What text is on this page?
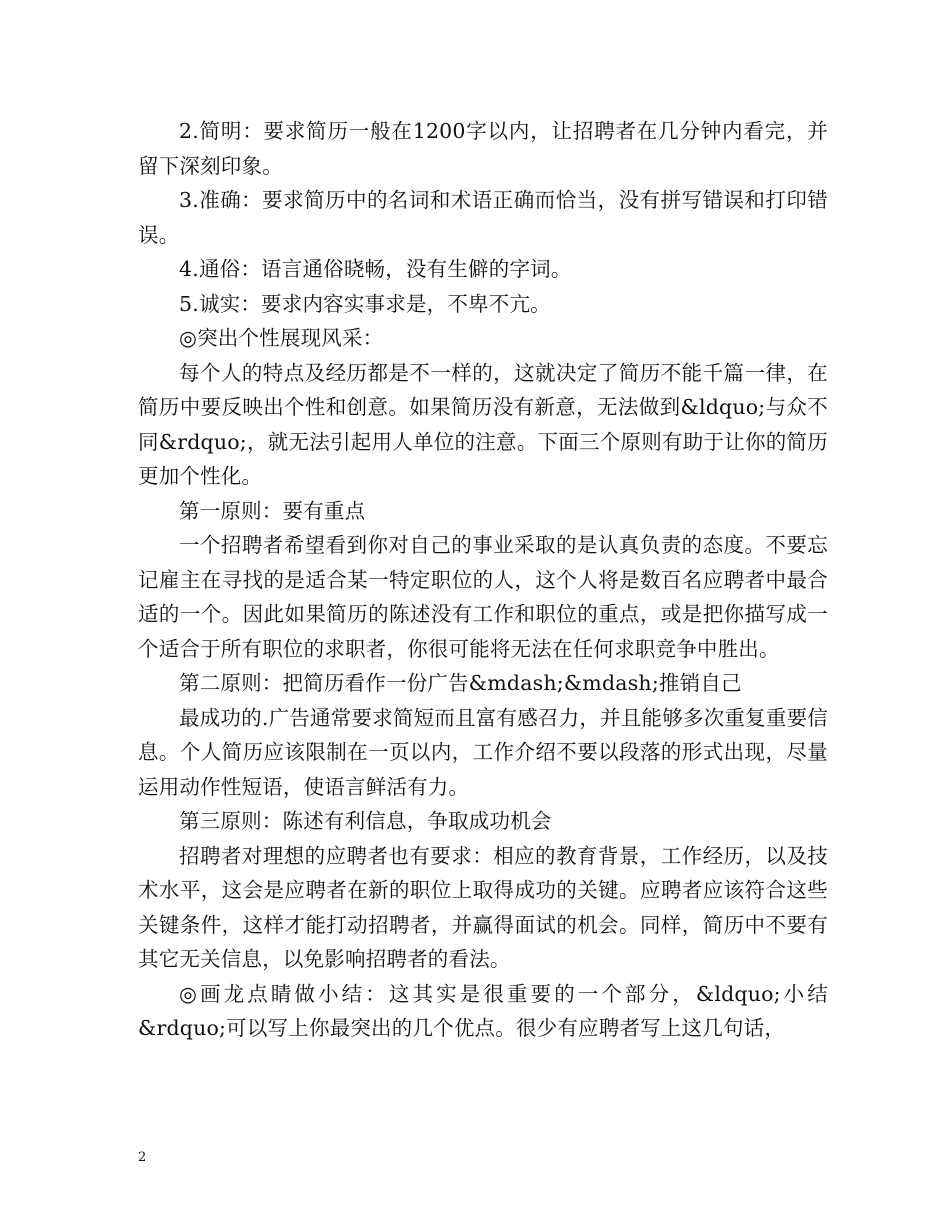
2.简明：要求简历一般在1200字以内，让招聘者在几分钟内看完，并留下深刻印象。

3.准确：要求简历中的名词和术语正确而恰当，没有拼写错误和打印错误。

4.通俗：语言通俗晓畅，没有生僻的字词。

5.诚实：要求内容实事求是，不卑不亢。

◎突出个性展现风采：

每个人的特点及经历都是不一样的，这就决定了简历不能千篇一律，在简历中要反映出个性和创意。如果简历没有新意，无法做到&ldquo;与众不同&rdquo;，就无法引起用人单位的注意。下面三个原则有助于让你的简历更加个性化。

第一原则：要有重点

一个招聘者希望看到你对自己的事业采取的是认真负责的态度。不要忘记雇主在寻找的是适合某一特定职位的人，这个人将是数百名应聘者中最合适的一个。因此如果简历的陈述没有工作和职位的重点，或是把你描写成一个适合于所有职位的求职者，你很可能将无法在任何求职竞争中胜出。

第二原则：把简历看作一份广告&mdash;&mdash;推销自己

最成功的.广告通常要求简短而且富有感召力，并且能够多次重复重要信息。个人简历应该限制在一页以内，工作介绍不要以段落的形式出现，尽量运用动作性短语，使语言鲜活有力。

第三原则：陈述有利信息，争取成功机会

招聘者对理想的应聘者也有要求：相应的教育背景，工作经历，以及技术水平，这会是应聘者在新的职位上取得成功的关键。应聘者应该符合这些关键条件，这样才能打动招聘者，并赢得面试的机会。同样，简历中不要有其它无关信息，以免影响招聘者的看法。

◎画龙点睛做小结：这其实是很重要的一个部分，&ldquo;小结&rdquo;可以写上你最突出的几个优点。很少有应聘者写上这几句话，

2
